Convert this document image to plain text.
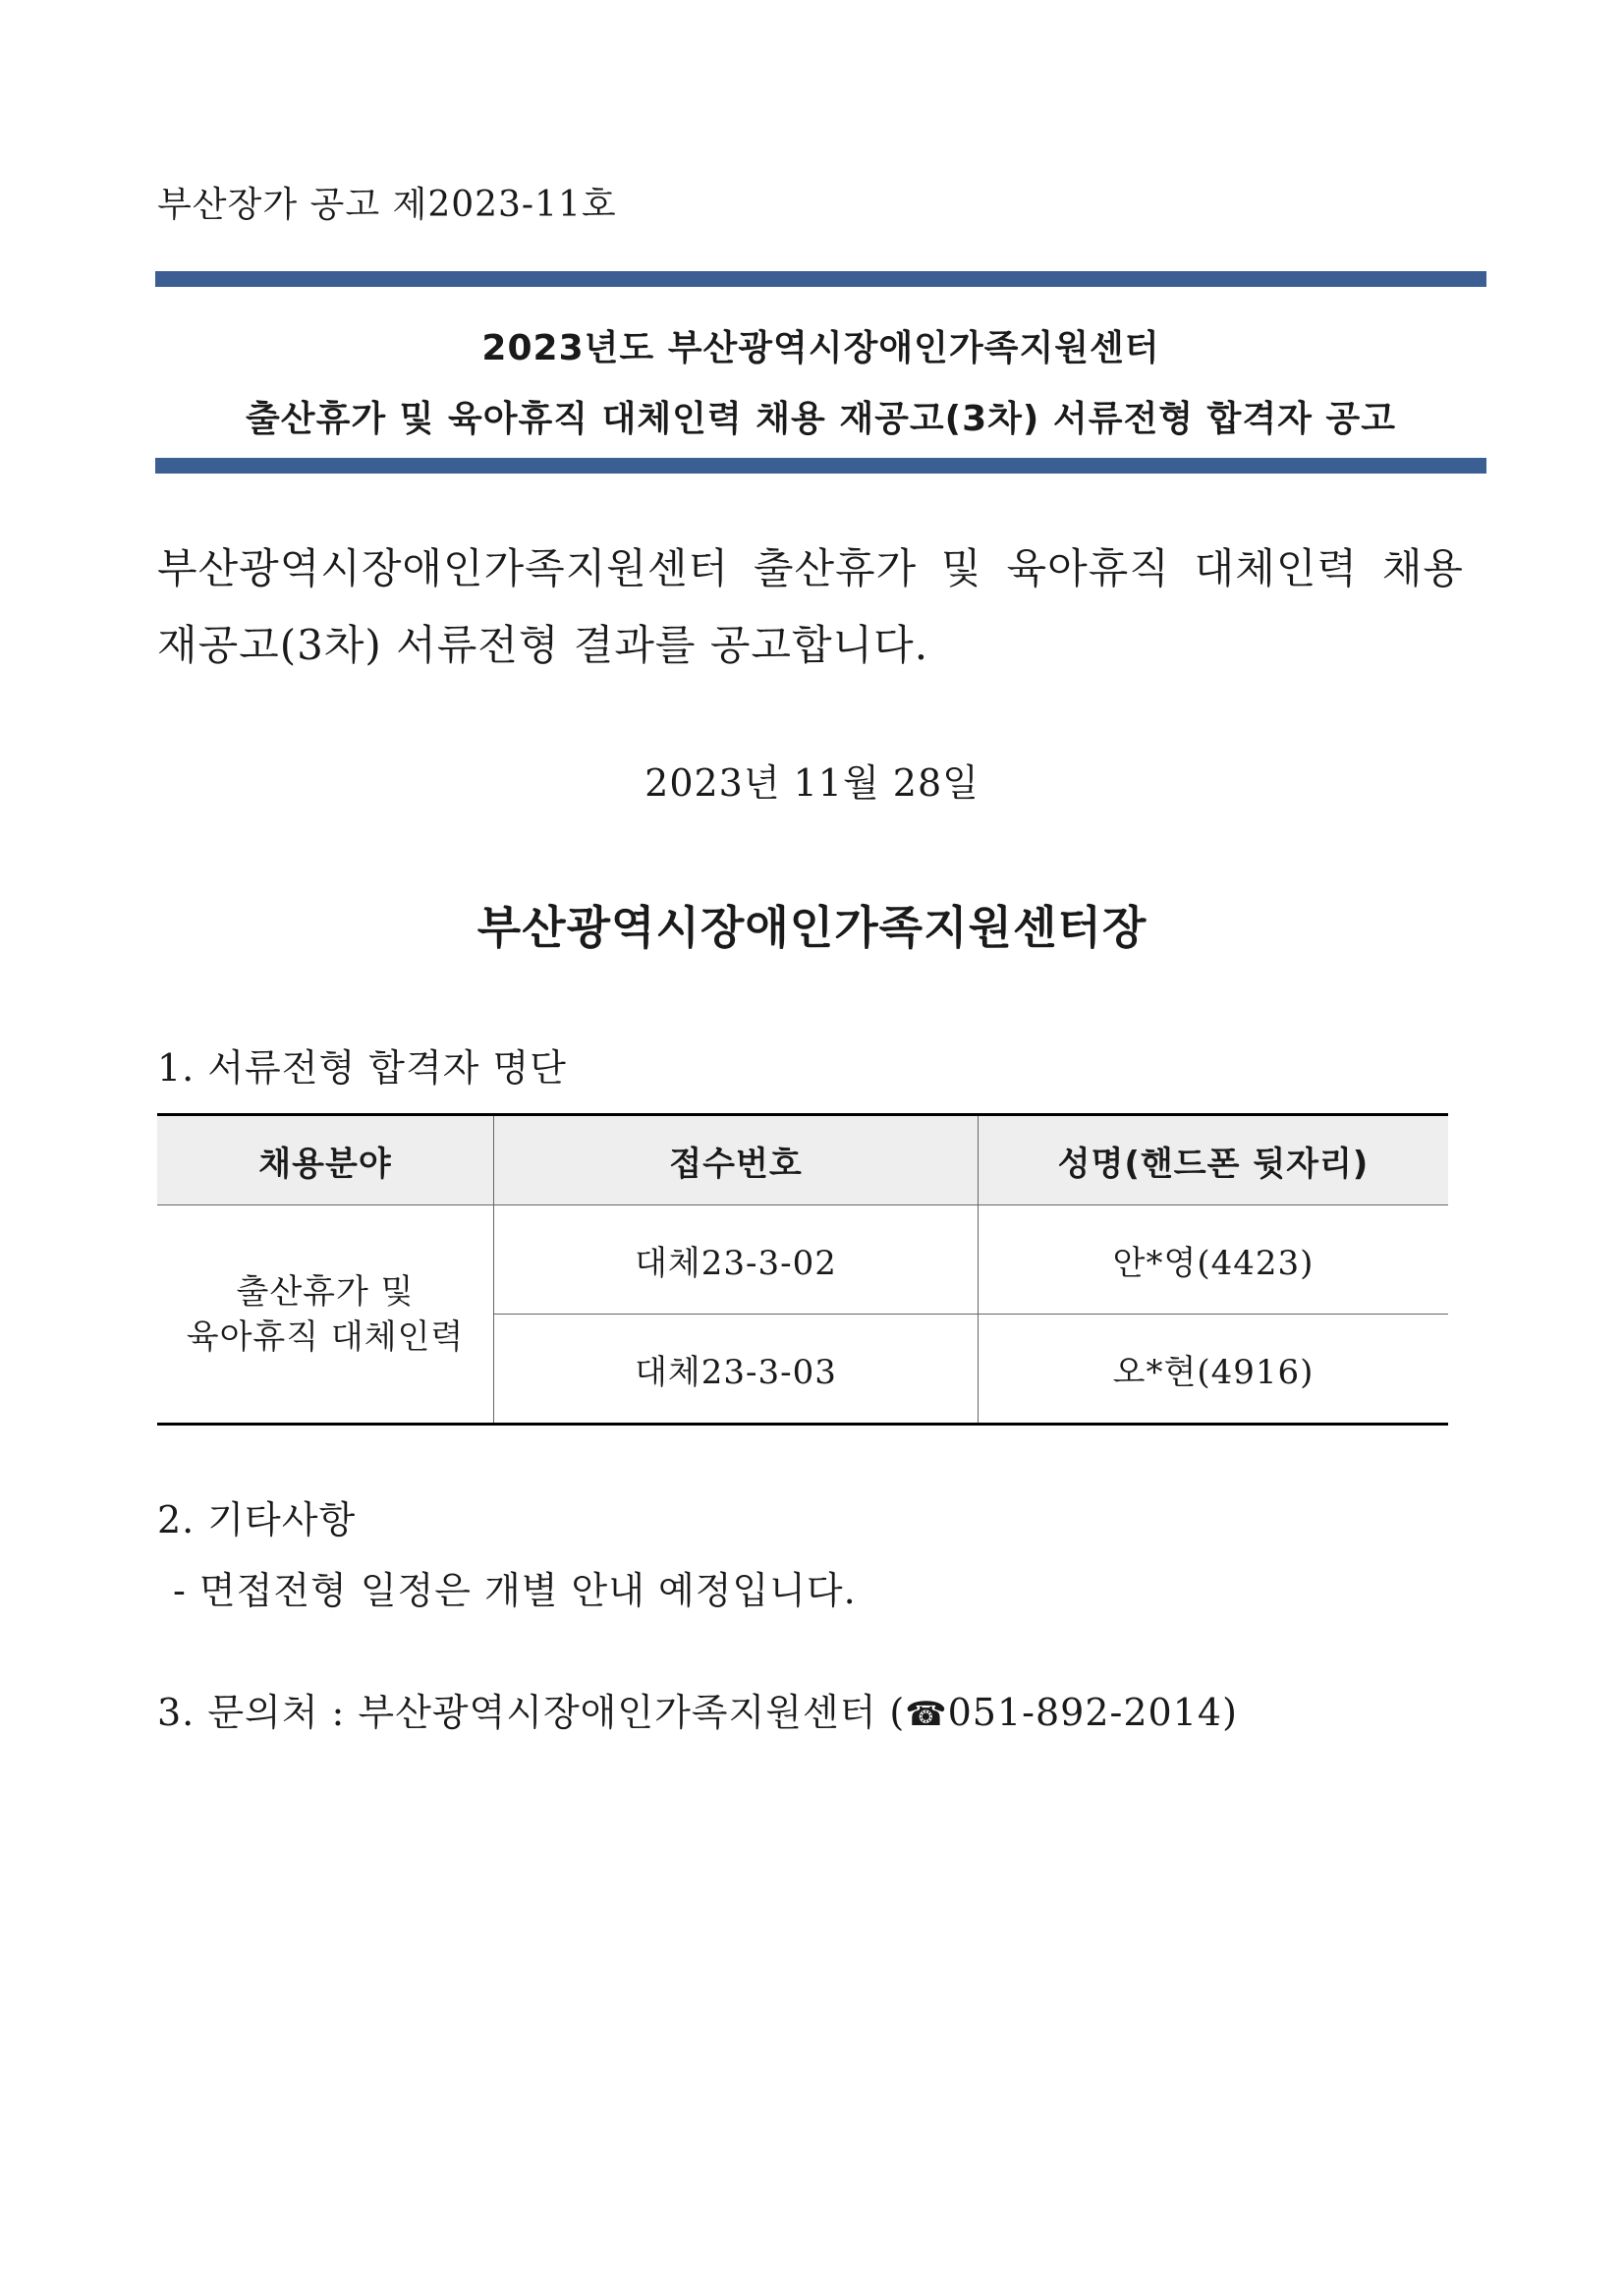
부산장가 공고 제2023-11호
2023년도 부산광역시장애인가족지원센터
출산휴가 및 육아휴직 대체인력 채용 재공고(3차) 서류전형 합격자 공고
부산광역시장애인가족지원센터 출산휴가 및 육아휴직 대체인력 채용 재공고(3차) 서류전형 결과를 공고합니다.
2023년 11월 28일
부산광역시장애인가족지원센터장
1. 서류전형 합격자 명단
채용분야	접수번호	성명(핸드폰 뒷자리)

출산휴가 및
육아휴직 대체인력	대체23-3-02	안*영(4423)
	대체23-3-03	오*현(4916)
2. 기타사항
- 면접전형 일정은 개별 안내 예정입니다.
3. 문의처 : 부산광역시장애인가족지원센터 (☎051-892-2014)
